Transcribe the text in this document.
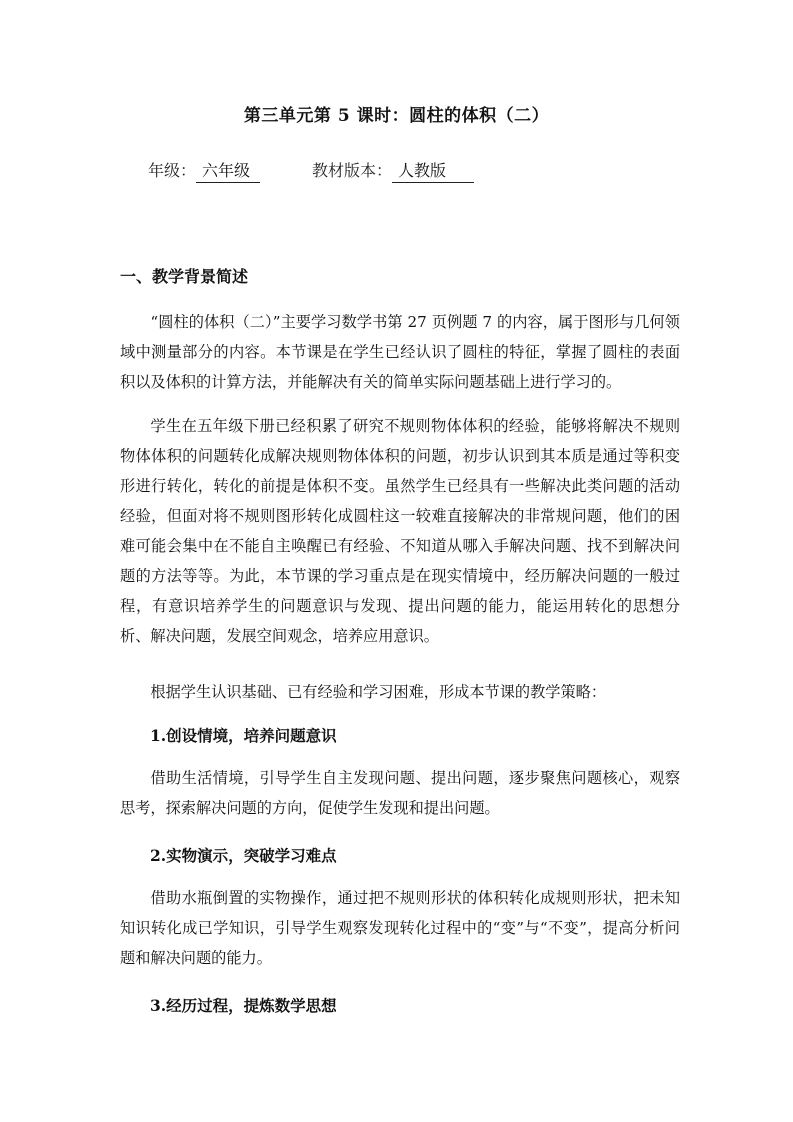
第三单元第 5 课时：圆柱的体积（二）
年级： 六年级	教材版本： 人教版
一、教学背景简述

“圆柱的体积（二）”主要学习数学书第 27 页例题 7 的内容，属于图形与几何领域中测量部分的内容。本节课是在学生已经认识了圆柱的特征，掌握了圆柱的表面积以及体积的计算方法，并能解决有关的简单实际问题基础上进行学习的。

学生在五年级下册已经积累了研究不规则物体体积的经验，能够将解决不规则物体体积的问题转化成解决规则物体体积的问题，初步认识到其本质是通过等积变形进行转化，转化的前提是体积不变。虽然学生已经具有一些解决此类问题的活动经验，但面对将不规则图形转化成圆柱这一较难直接解决的非常规问题，他们的困难可能会集中在不能自主唤醒已有经验、不知道从哪入手解决问题、找不到解决问题的方法等等。为此，本节课的学习重点是在现实情境中，经历解决问题的一般过程，有意识培养学生的问题意识与发现、提出问题的能力，能运用转化的思想分析、解决问题，发展空间观念，培养应用意识。

根据学生认识基础、已有经验和学习困难，形成本节课的教学策略：

1.创设情境，培养问题意识

借助生活情境，引导学生自主发现问题、提出问题，逐步聚焦问题核心，观察思考，探索解决问题的方向，促使学生发现和提出问题。

2.实物演示，突破学习难点

借助水瓶倒置的实物操作，通过把不规则形状的体积转化成规则形状，把未知知识转化成已学知识，引导学生观察发现转化过程中的“变”与“不变”，提高分析问题和解决问题的能力。

3.经历过程，提炼数学思想
